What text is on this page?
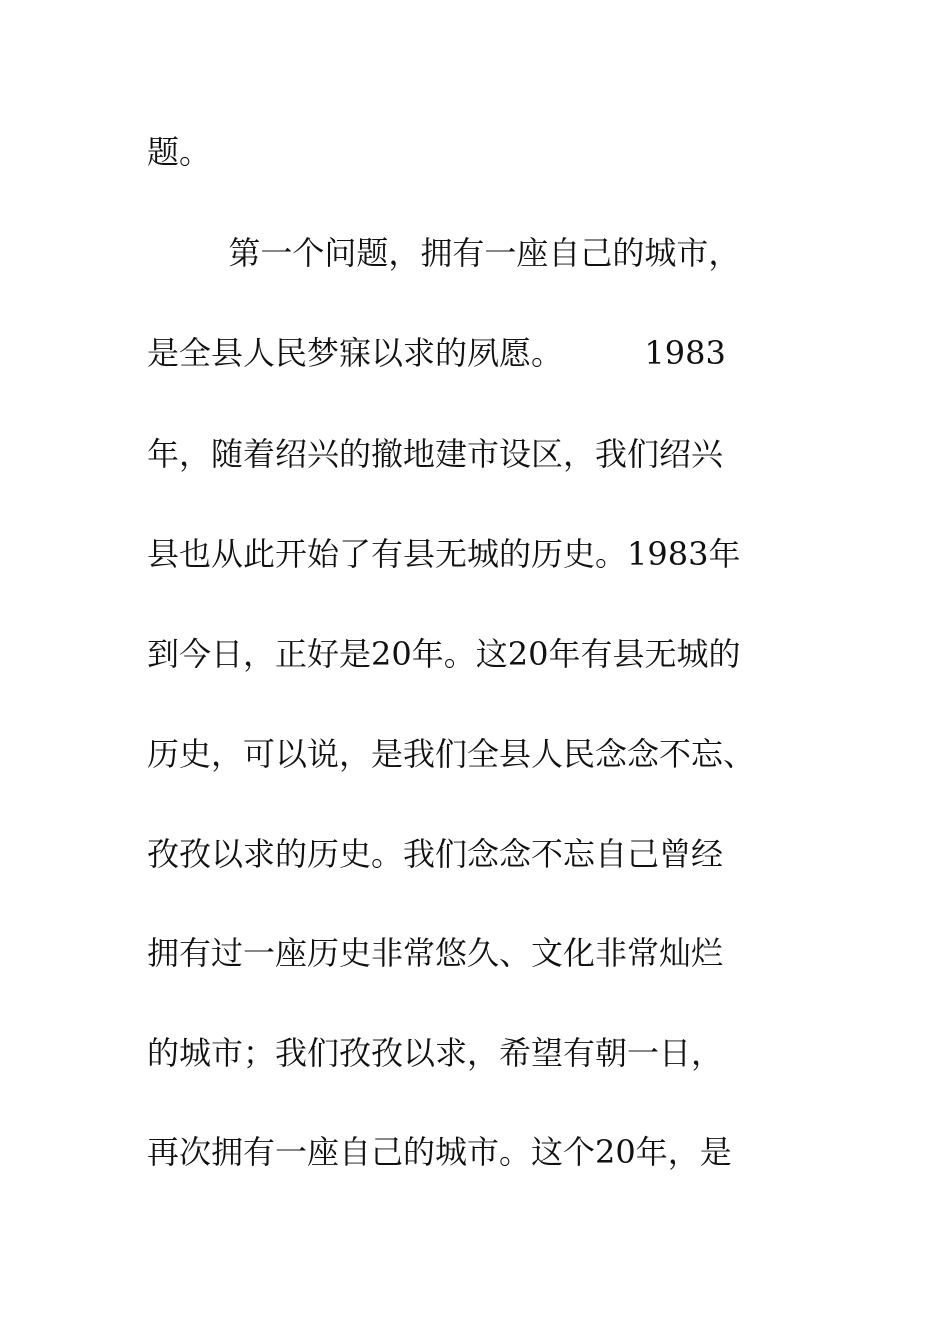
题。
第一个问题，拥有一座自己的城市，
是全县人民梦寐以求的夙愿。        1983
年，随着绍兴的撤地建市设区，我们绍兴
县也从此开始了有县无城的历史。1983年
到今日，正好是20年。这20年有县无城的
历史，可以说，是我们全县人民念念不忘、
孜孜以求的历史。我们念念不忘自己曾经
拥有过一座历史非常悠久、文化非常灿烂
的城市；我们孜孜以求，希望有朝一日，
再次拥有一座自己的城市。这个20年，是
